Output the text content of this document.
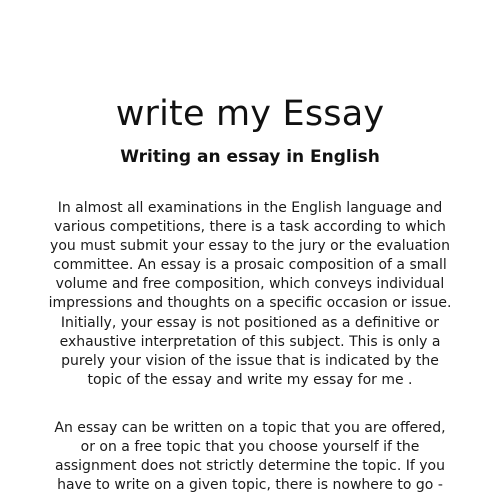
write my Essay
Writing an essay in English

In almost all examinations in the English language and
various competitions, there is a task according to which
you must submit your essay to the jury or the evaluation
committee. An essay is a prosaic composition of a small
volume and free composition, which conveys individual
impressions and thoughts on a specific occasion or issue.
Initially, your essay is not positioned as a definitive or
exhaustive interpretation of this subject. This is only a
purely your vision of the issue that is indicated by the
topic of the essay and write my essay for me .

An essay can be written on a topic that you are offered,
or on a free topic that you choose yourself if the
assignment does not strictly determine the topic. If you
have to write on a given topic, there is nowhere to go -
